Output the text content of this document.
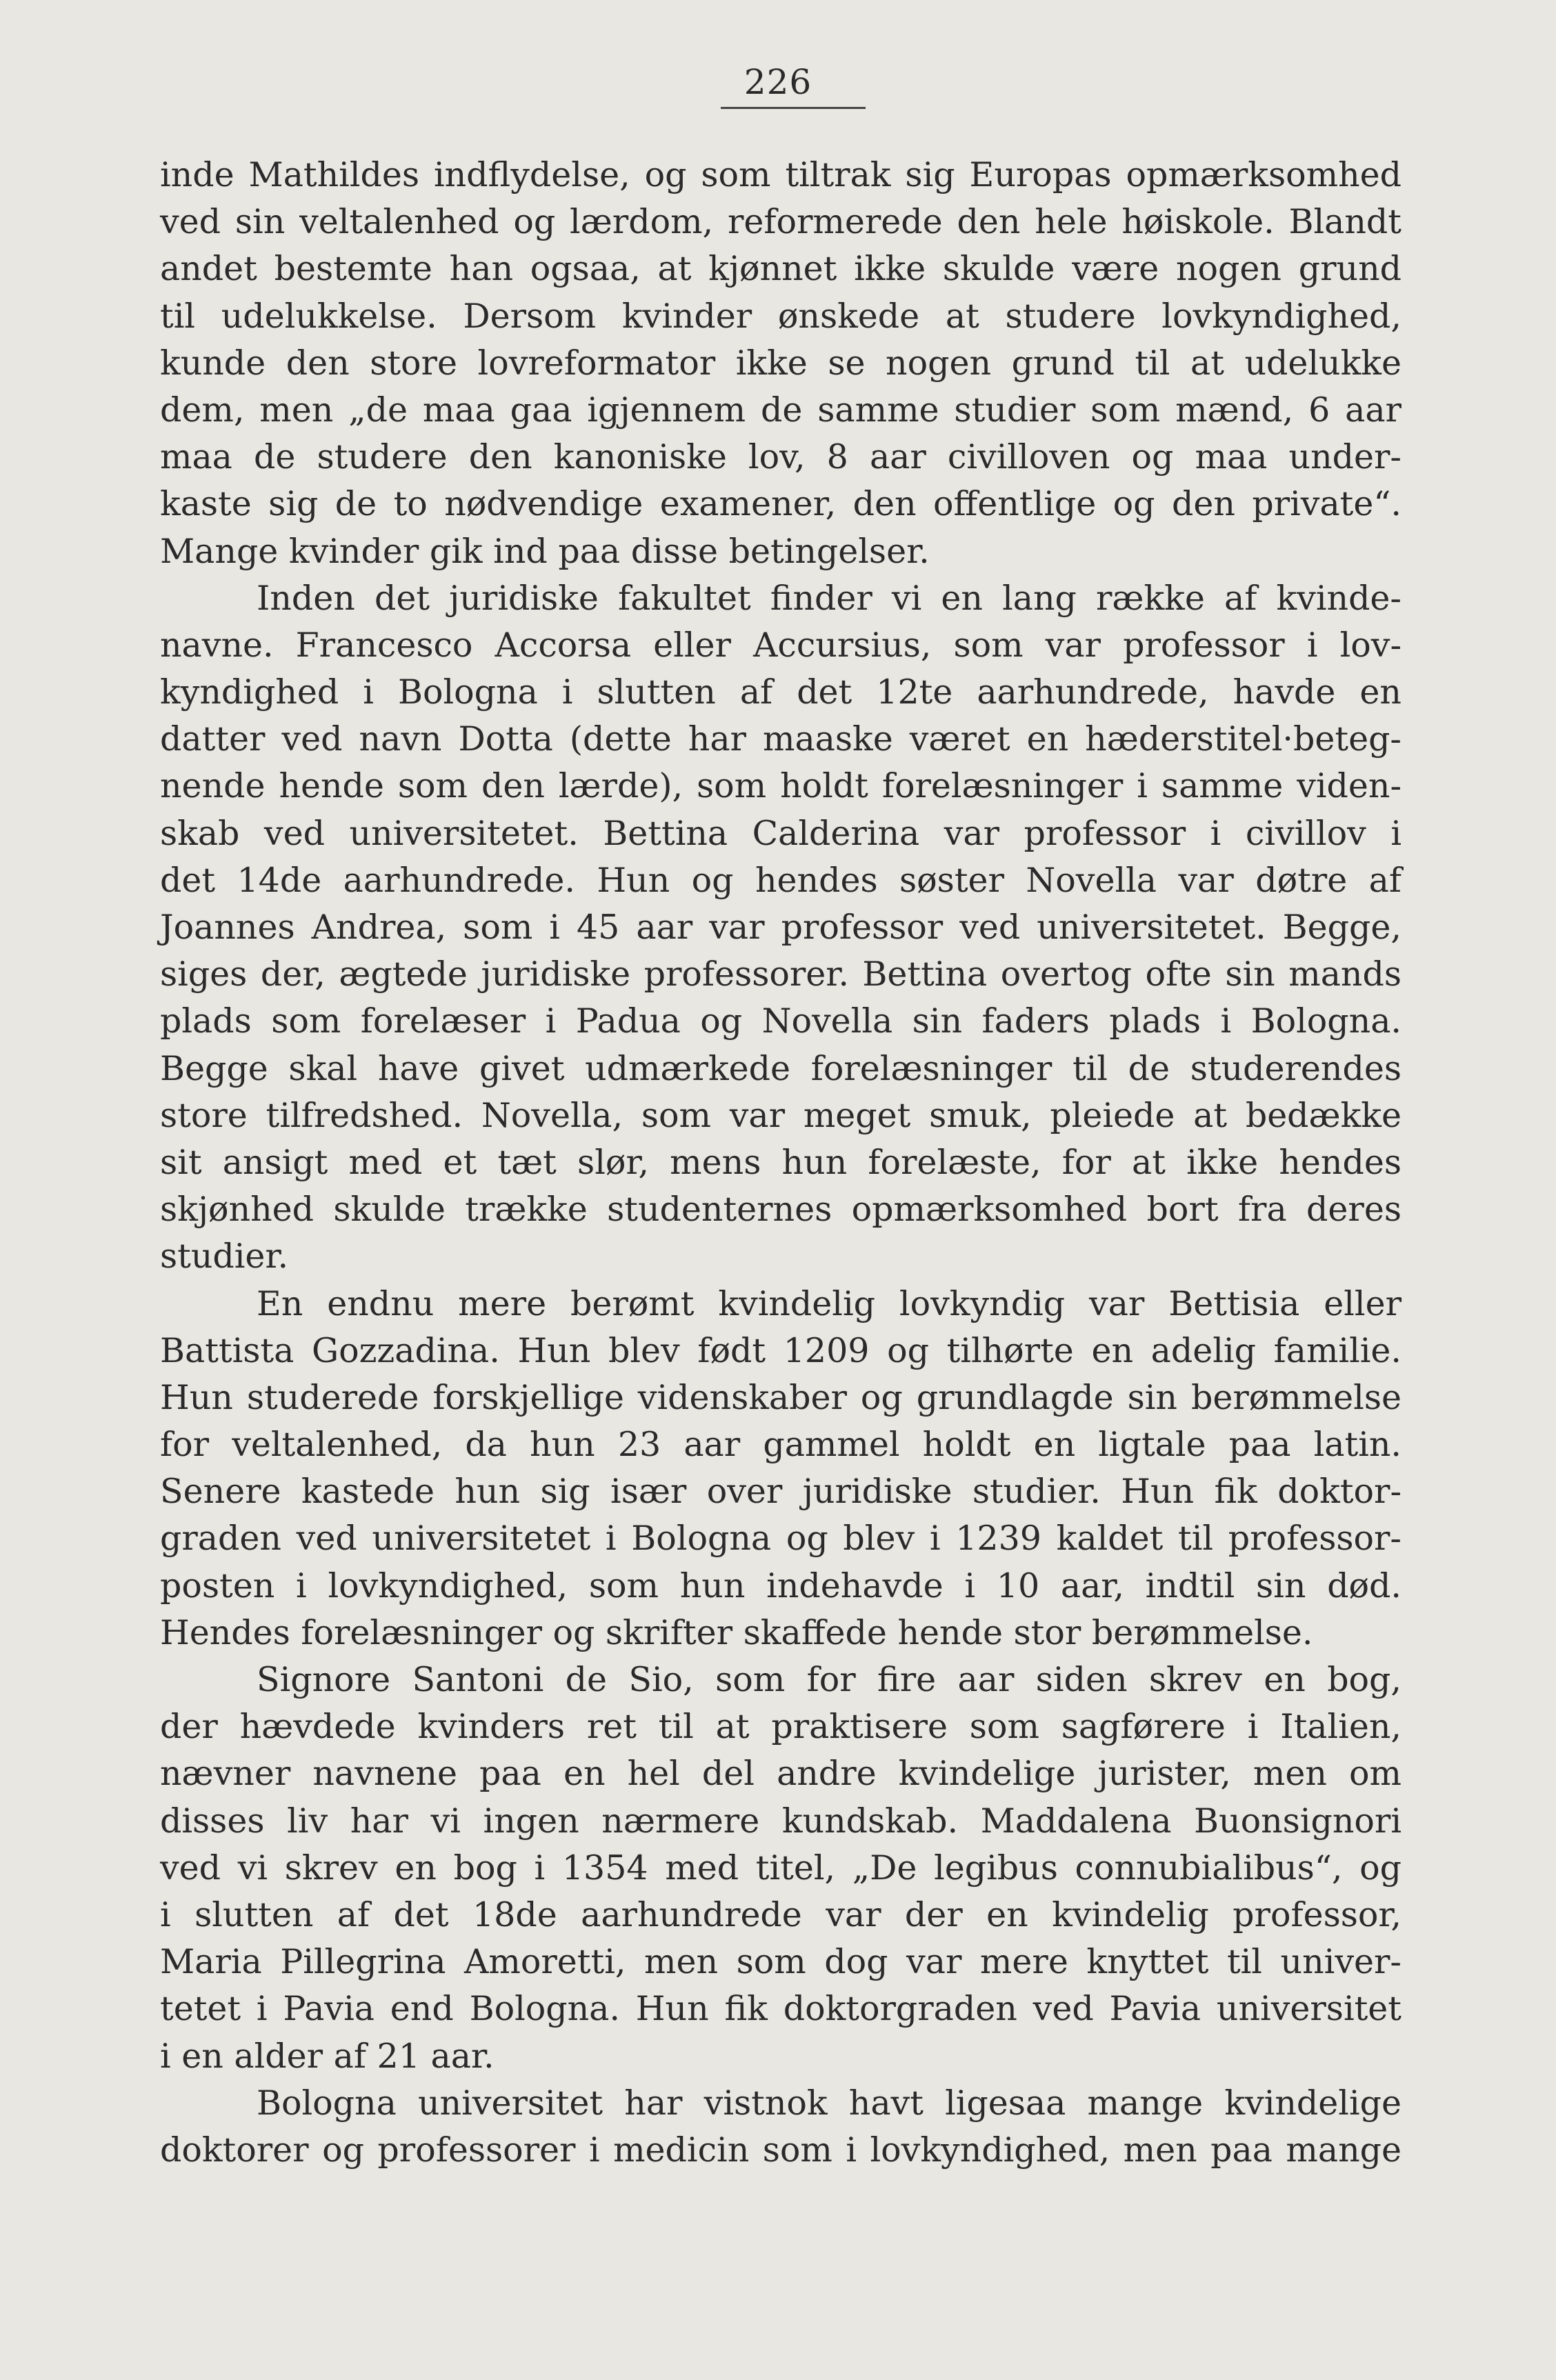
226
inde Mathildes indflydelse, og som tiltrak sig Europas opmærksomhed
ved sin veltalenhed og lærdom, reformerede den hele høiskole. Blandt
andet bestemte han ogsaa, at kjønnet ikke skulde være nogen grund
til udelukkelse. Dersom kvinder ønskede at studere lovkyndighed,
kunde den store lovreformator ikke se nogen grund til at udelukke
dem, men „de maa gaa igjennem de samme studier som mænd, 6 aar
maa de studere den kanoniske lov, 8 aar civilloven og maa under-
kaste sig de to nødvendige examener, den offentlige og den private“.
Mange kvinder gik ind paa disse betingelser.
Inden det juridiske fakultet finder vi en lang række af kvinde-
navne. Francesco Accorsa eller Accursius, som var professor i lov-
kyndighed i Bologna i slutten af det 12te aarhundrede, havde en
datter ved navn Dotta (dette har maaske været en hæderstitel·beteg-
nende hende som den lærde), som holdt forelæsninger i samme viden-
skab ved universitetet. Bettina Calderina var professor i civillov i
det 14de aarhundrede. Hun og hendes søster Novella var døtre af
Joannes Andrea, som i 45 aar var professor ved universitetet. Begge,
siges der, ægtede juridiske professorer. Bettina overtog ofte sin mands
plads som forelæser i Padua og Novella sin faders plads i Bologna.
Begge skal have givet udmærkede forelæsninger til de studerendes
store tilfredshed. Novella, som var meget smuk, pleiede at bedække
sit ansigt med et tæt slør, mens hun forelæste, for at ikke hendes
skjønhed skulde trække studenternes opmærksomhed bort fra deres
studier.
En endnu mere berømt kvindelig lovkyndig var Bettisia eller
Battista Gozzadina. Hun blev født 1209 og tilhørte en adelig familie.
Hun studerede forskjellige videnskaber og grundlagde sin berømmelse
for veltalenhed, da hun 23 aar gammel holdt en ligtale paa latin.
Senere kastede hun sig især over juridiske studier. Hun fik doktor-
graden ved universitetet i Bologna og blev i 1239 kaldet til professor-
posten i lovkyndighed, som hun indehavde i 10 aar, indtil sin død.
Hendes forelæsninger og skrifter skaffede hende stor berømmelse.
Signore Santoni de Sio, som for fire aar siden skrev en bog,
der hævdede kvinders ret til at praktisere som sagførere i Italien,
nævner navnene paa en hel del andre kvindelige jurister, men om
disses liv har vi ingen nærmere kundskab. Maddalena Buonsignori
ved vi skrev en bog i 1354 med titel, „De legibus connubialibus“, og
i slutten af det 18de aarhundrede var der en kvindelig professor,
Maria Pillegrina Amoretti, men som dog var mere knyttet til univer-
tetet i Pavia end Bologna. Hun fik doktorgraden ved Pavia universitet
i en alder af 21 aar.
Bologna universitet har vistnok havt ligesaa mange kvindelige
doktorer og professorer i medicin som i lovkyndighed, men paa mange
